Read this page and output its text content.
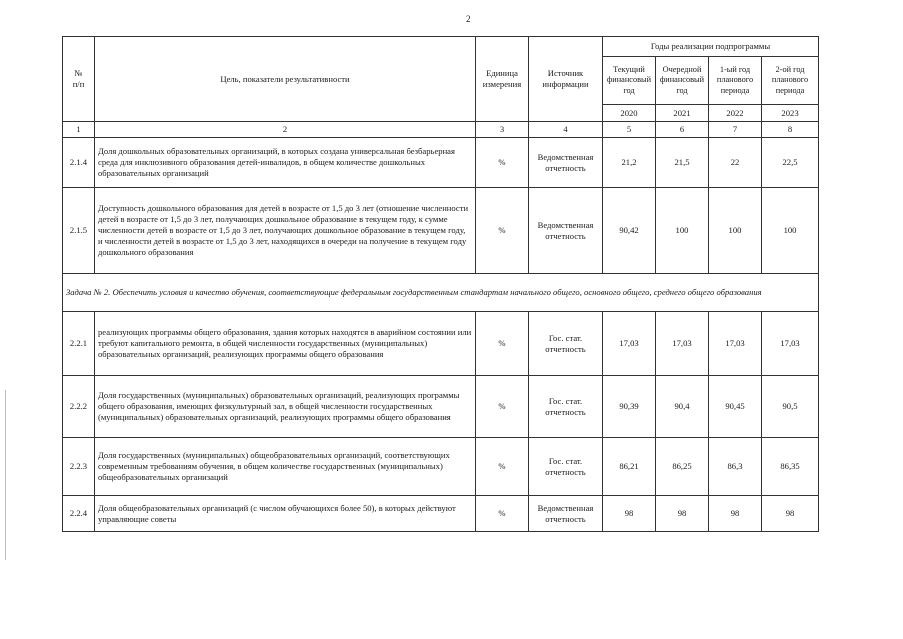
2
№
п/п	Цель, показатели результативности	Единица измерения	Источник информации	Годы реализации подпрограммы			
				Текущий финансовый год	Очередной финансовый год	1-ый год планового периода	2-ой год планового периода
				2020	2021	2022	2023
1	2	3	4	5	6	7	8
2.1.4	Доля дошкольных образовательных организаций, в которых создана универсальная безбарьерная среда для инклюзивного образования детей-инвалидов, в общем количестве дошкольных образовательных организаций	%	Ведомственная отчетность	21,2	21,5	22	22,5
2.1.5	Доступность дошкольного образования для детей в возрасте от 1,5 до 3 лет (отношение численности детей в возрасте от 1,5 до 3 лет, получающих дошкольное образование в текущем году, к сумме численности детей в возрасте от 1,5 до 3 лет, получающих дошкольное образование в текущем году, и численности детей в возрасте от 1,5 до 3 лет, находящихся в очереди на получение в текущем году дошкольного образования	%	Ведомственная отчетность	90,42	100	100	100
Задача № 2. Обеспечить условия и качество обучения, соответствующие федеральным государственным стандартам начального общего, основного общего, среднего общего образования							
2.2.1	реализующих программы общего образования, здания которых находятся в аварийном состоянии или требуют капитального ремонта, в общей численности государственных (муниципальных) образовательных организаций, реализующих программы общего образования	%	Гос. стат. отчетность	17,03	17,03	17,03	17,03
2.2.2	Доля государственных (муниципальных) образовательных организаций, реализующих программы общего образования, имеющих физкультурный зал, в общей численности государственных (муниципальных) образовательных организаций, реализующих программы общего образования	%	Гос. стат. отчетность	90,39	90,4	90,45	90,5
2.2.3	Доля государственных (муниципальных) общеобразовательных организаций, соответствующих современным требованиям обучения, в общем количестве государственных (муниципальных) общеобразовательных организаций	%	Гос. стат. отчетность	86,21	86,25	86,3	86,35
2.2.4	Доля общеобразовательных организаций (с числом обучающихся более 50), в которых действуют управляющие советы	%	Ведомственная отчетность	98	98	98	98
